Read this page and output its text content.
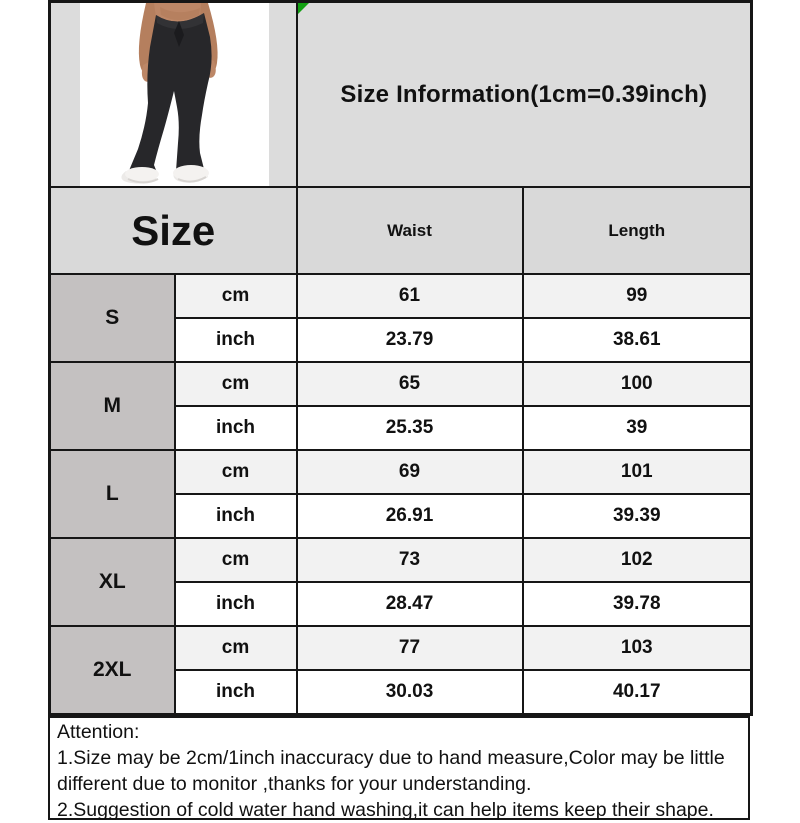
Size Information(1cm=0.39inch)	

Size		Waist	Length
S	cm	61	99
	inch	23.79	38.61
M	cm	65	100
	inch	25.35	39
L	cm	69	101
	inch	26.91	39.39
XL	cm	73	102
	inch	28.47	39.78
2XL	cm	77	103
	inch	30.03	40.17
Attention:
1.Size may be 2cm/1inch inaccuracy due to hand measure,Color may be little different due to monitor ,thanks for your understanding.
2.Suggestion of cold water hand washing,it can help items keep their shape.
